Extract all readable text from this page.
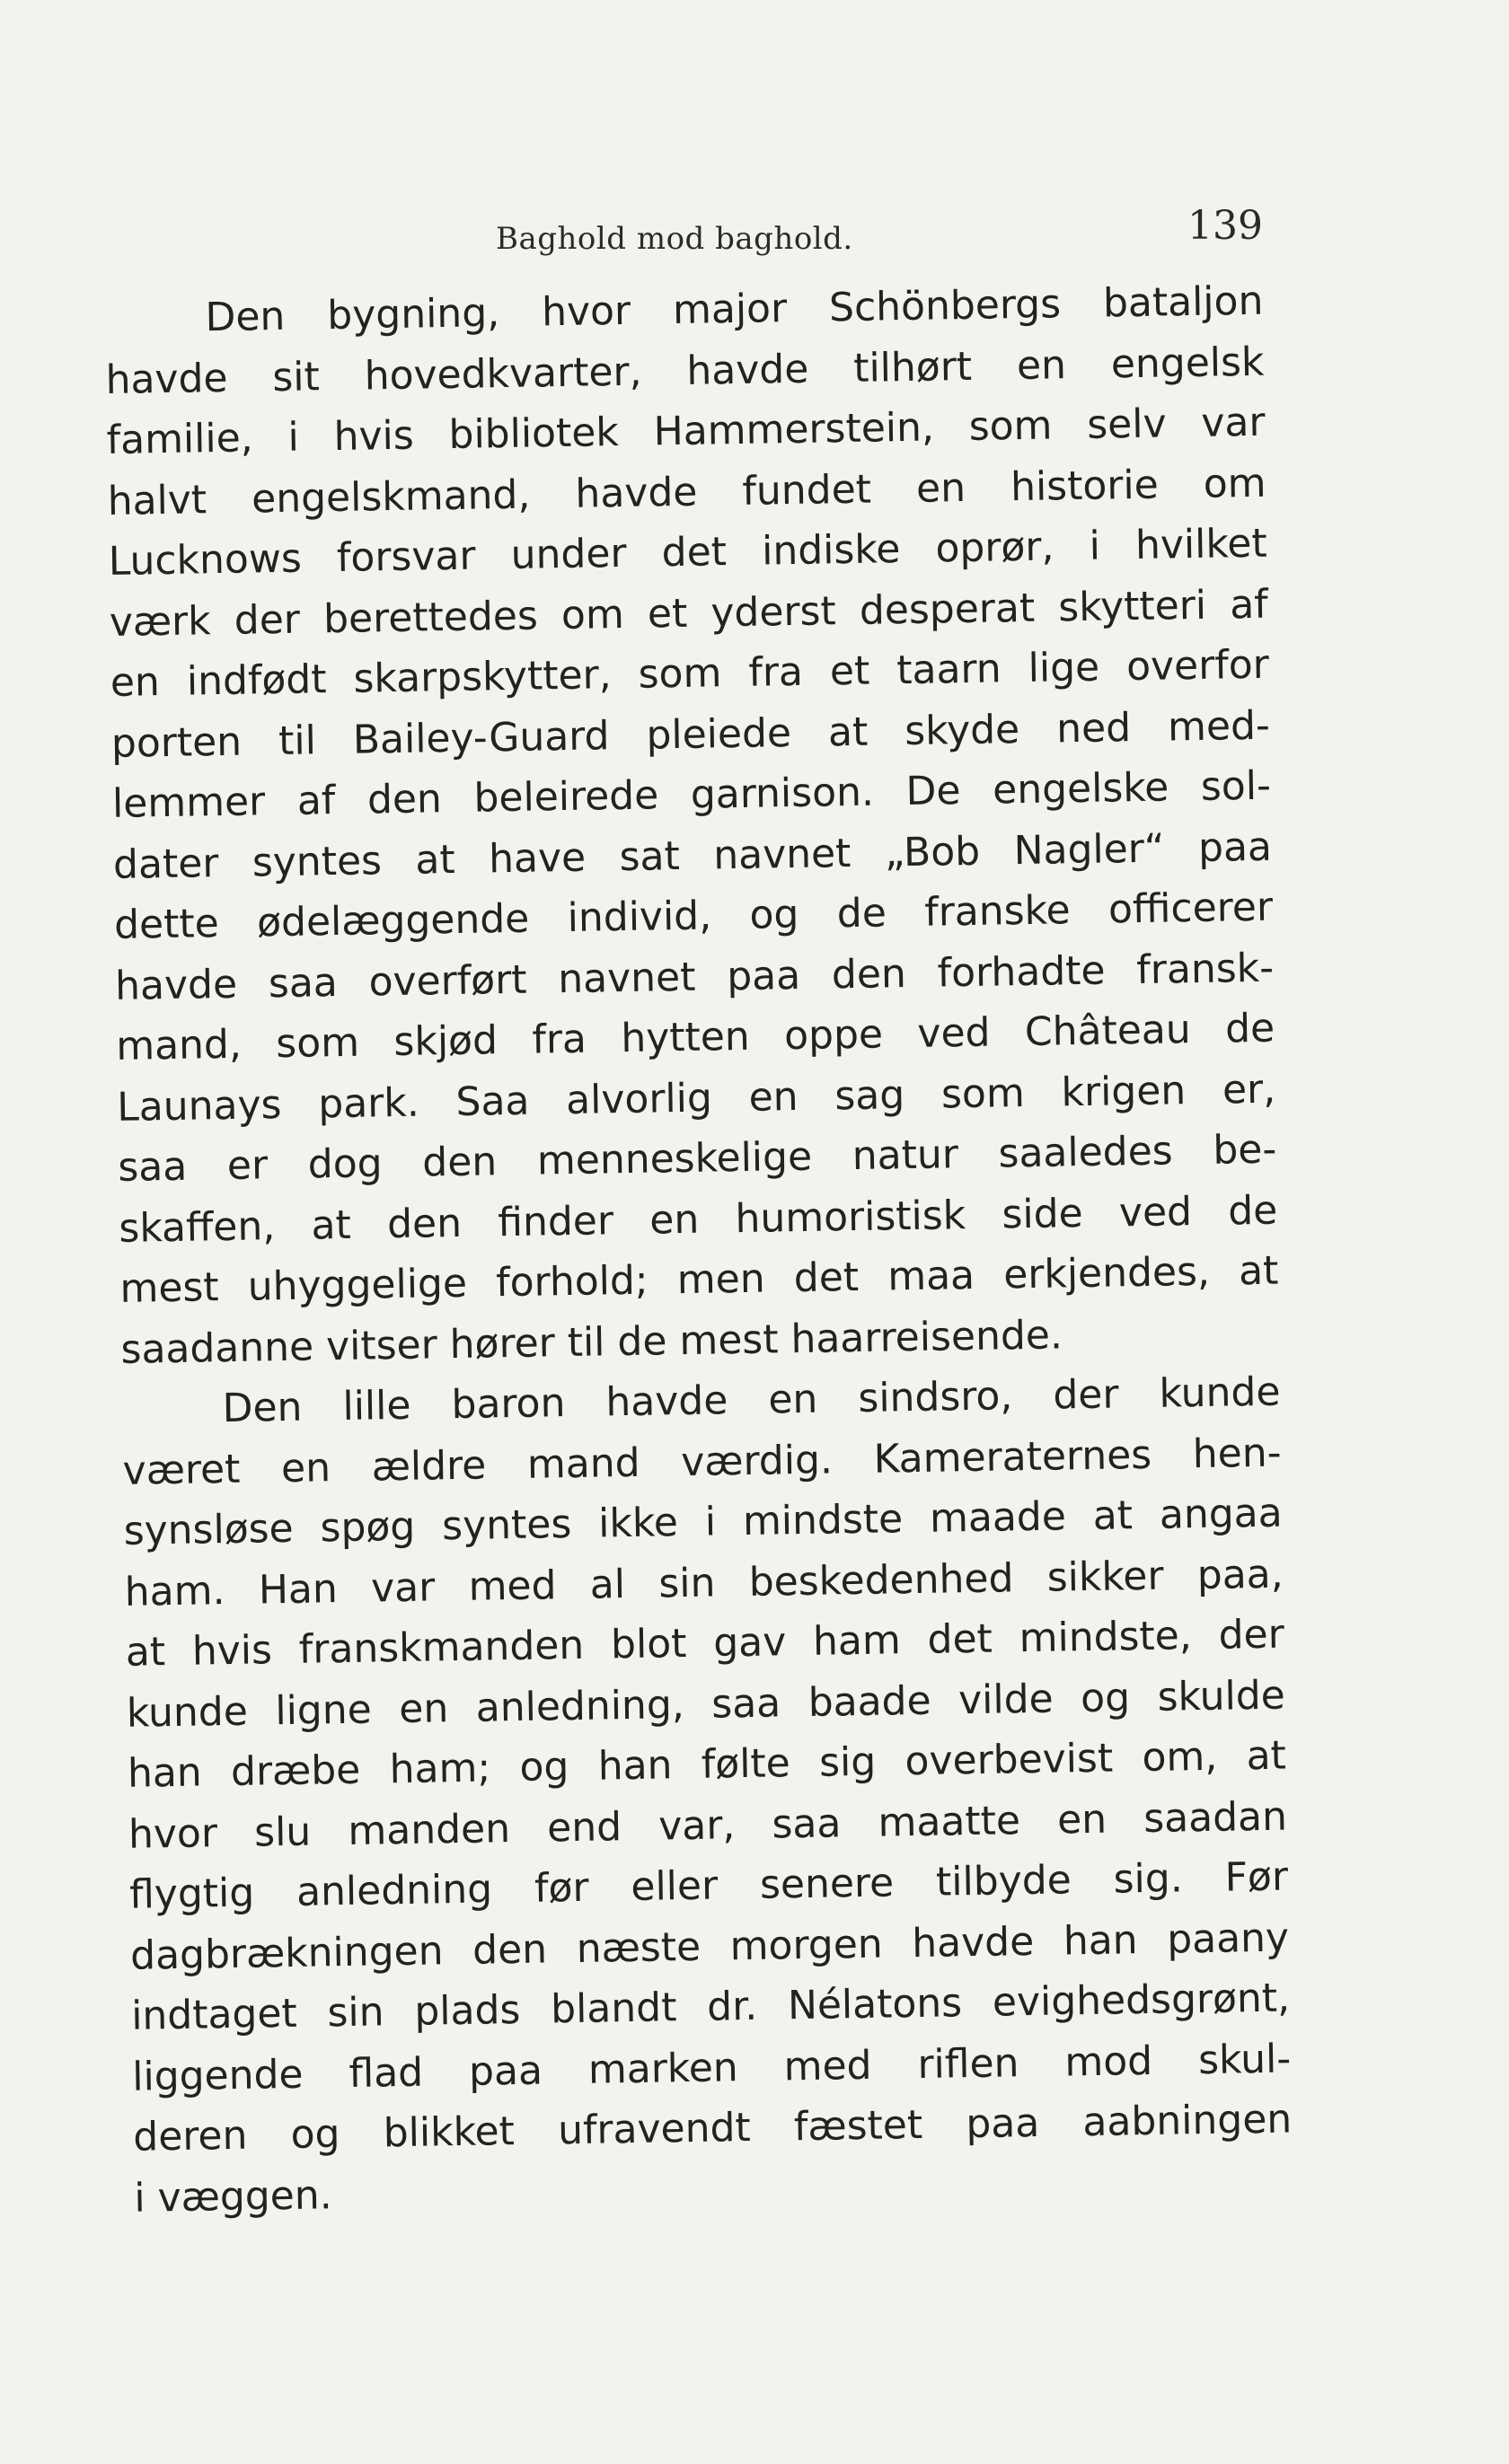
Baghold mod baghold.	139
Den bygning, hvor major Schönbergs bataljon
havde sit hovedkvarter, havde tilhørt en engelsk
familie, i hvis bibliotek Hammerstein, som selv var
halvt engelskmand, havde fundet en historie om
Lucknows forsvar under det indiske oprør, i hvilket
værk der berettedes om et yderst desperat skytteri af
en indfødt skarpskytter, som fra et taarn lige overfor
porten til Bailey-Guard pleiede at skyde ned med-
lemmer af den beleirede garnison. De engelske sol-
dater syntes at have sat navnet „Bob Nagler“ paa
dette ødelæggende individ, og de franske officerer
havde saa overført navnet paa den forhadte fransk-
mand, som skjød fra hytten oppe ved Château de
Launays park. Saa alvorlig en sag som krigen er,
saa er dog den menneskelige natur saaledes be-
skaffen, at den finder en humoristisk side ved de
mest uhyggelige forhold; men det maa erkjendes, at
saadanne vitser hører til de mest haarreisende.
Den lille baron havde en sindsro, der kunde
været en ældre mand værdig. Kameraternes hen-
synsløse spøg syntes ikke i mindste maade at angaa
ham. Han var med al sin beskedenhed sikker paa,
at hvis franskmanden blot gav ham det mindste, der
kunde ligne en anledning, saa baade vilde og skulde
han dræbe ham; og han følte sig overbevist om, at
hvor slu manden end var, saa maatte en saadan
flygtig anledning før eller senere tilbyde sig. Før
dagbrækningen den næste morgen havde han paany
indtaget sin plads blandt dr. Nélatons evighedsgrønt,
liggende flad paa marken med riflen mod skul-
deren og blikket ufravendt fæstet paa aabningen
i væggen.
